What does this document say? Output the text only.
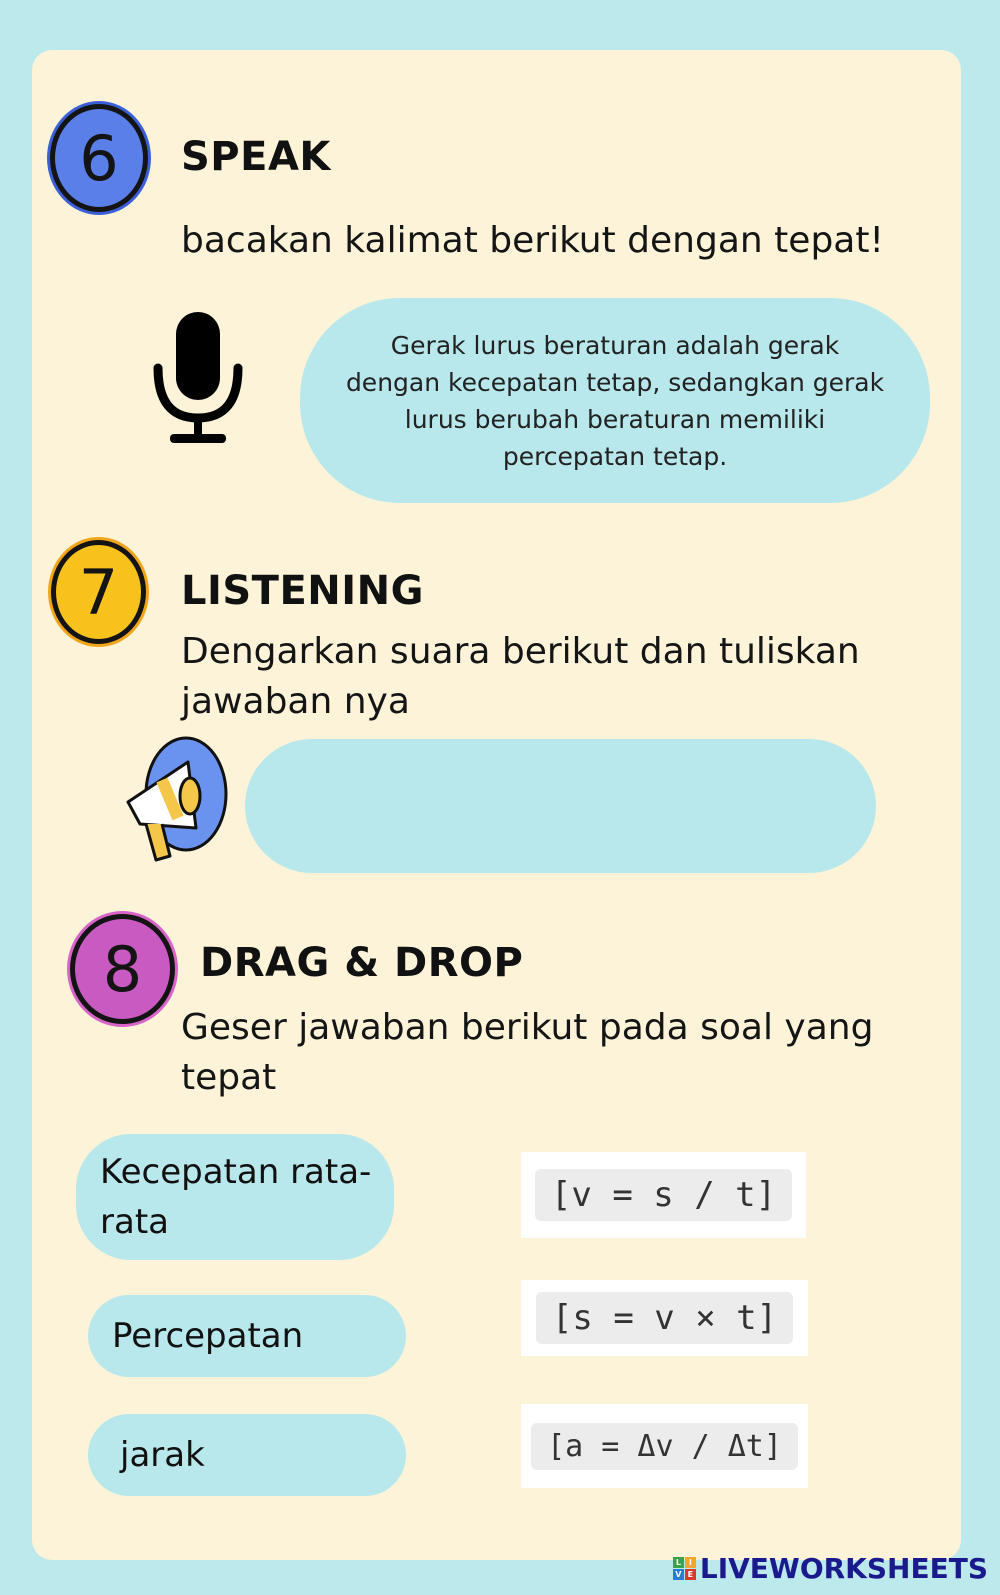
6 SPEAK
bacakan kalimat berikut dengan tepat!
Gerak lurus beraturan adalah gerak dengan kecepatan tetap, sedangkan gerak lurus berubah beraturan memiliki percepatan tetap.
7 LISTENING
Dengarkan suara berikut dan tuliskan
jawaban nya
8 DRAG & DROP
Geser jawaban berikut pada soal yang
tepat
Kecepatan rata-
rata
Percepatan
jarak
[v = s / t]
[s = v × t]
[a = Δv / Δt]
L I
V E LIVEWORKSHEETS
